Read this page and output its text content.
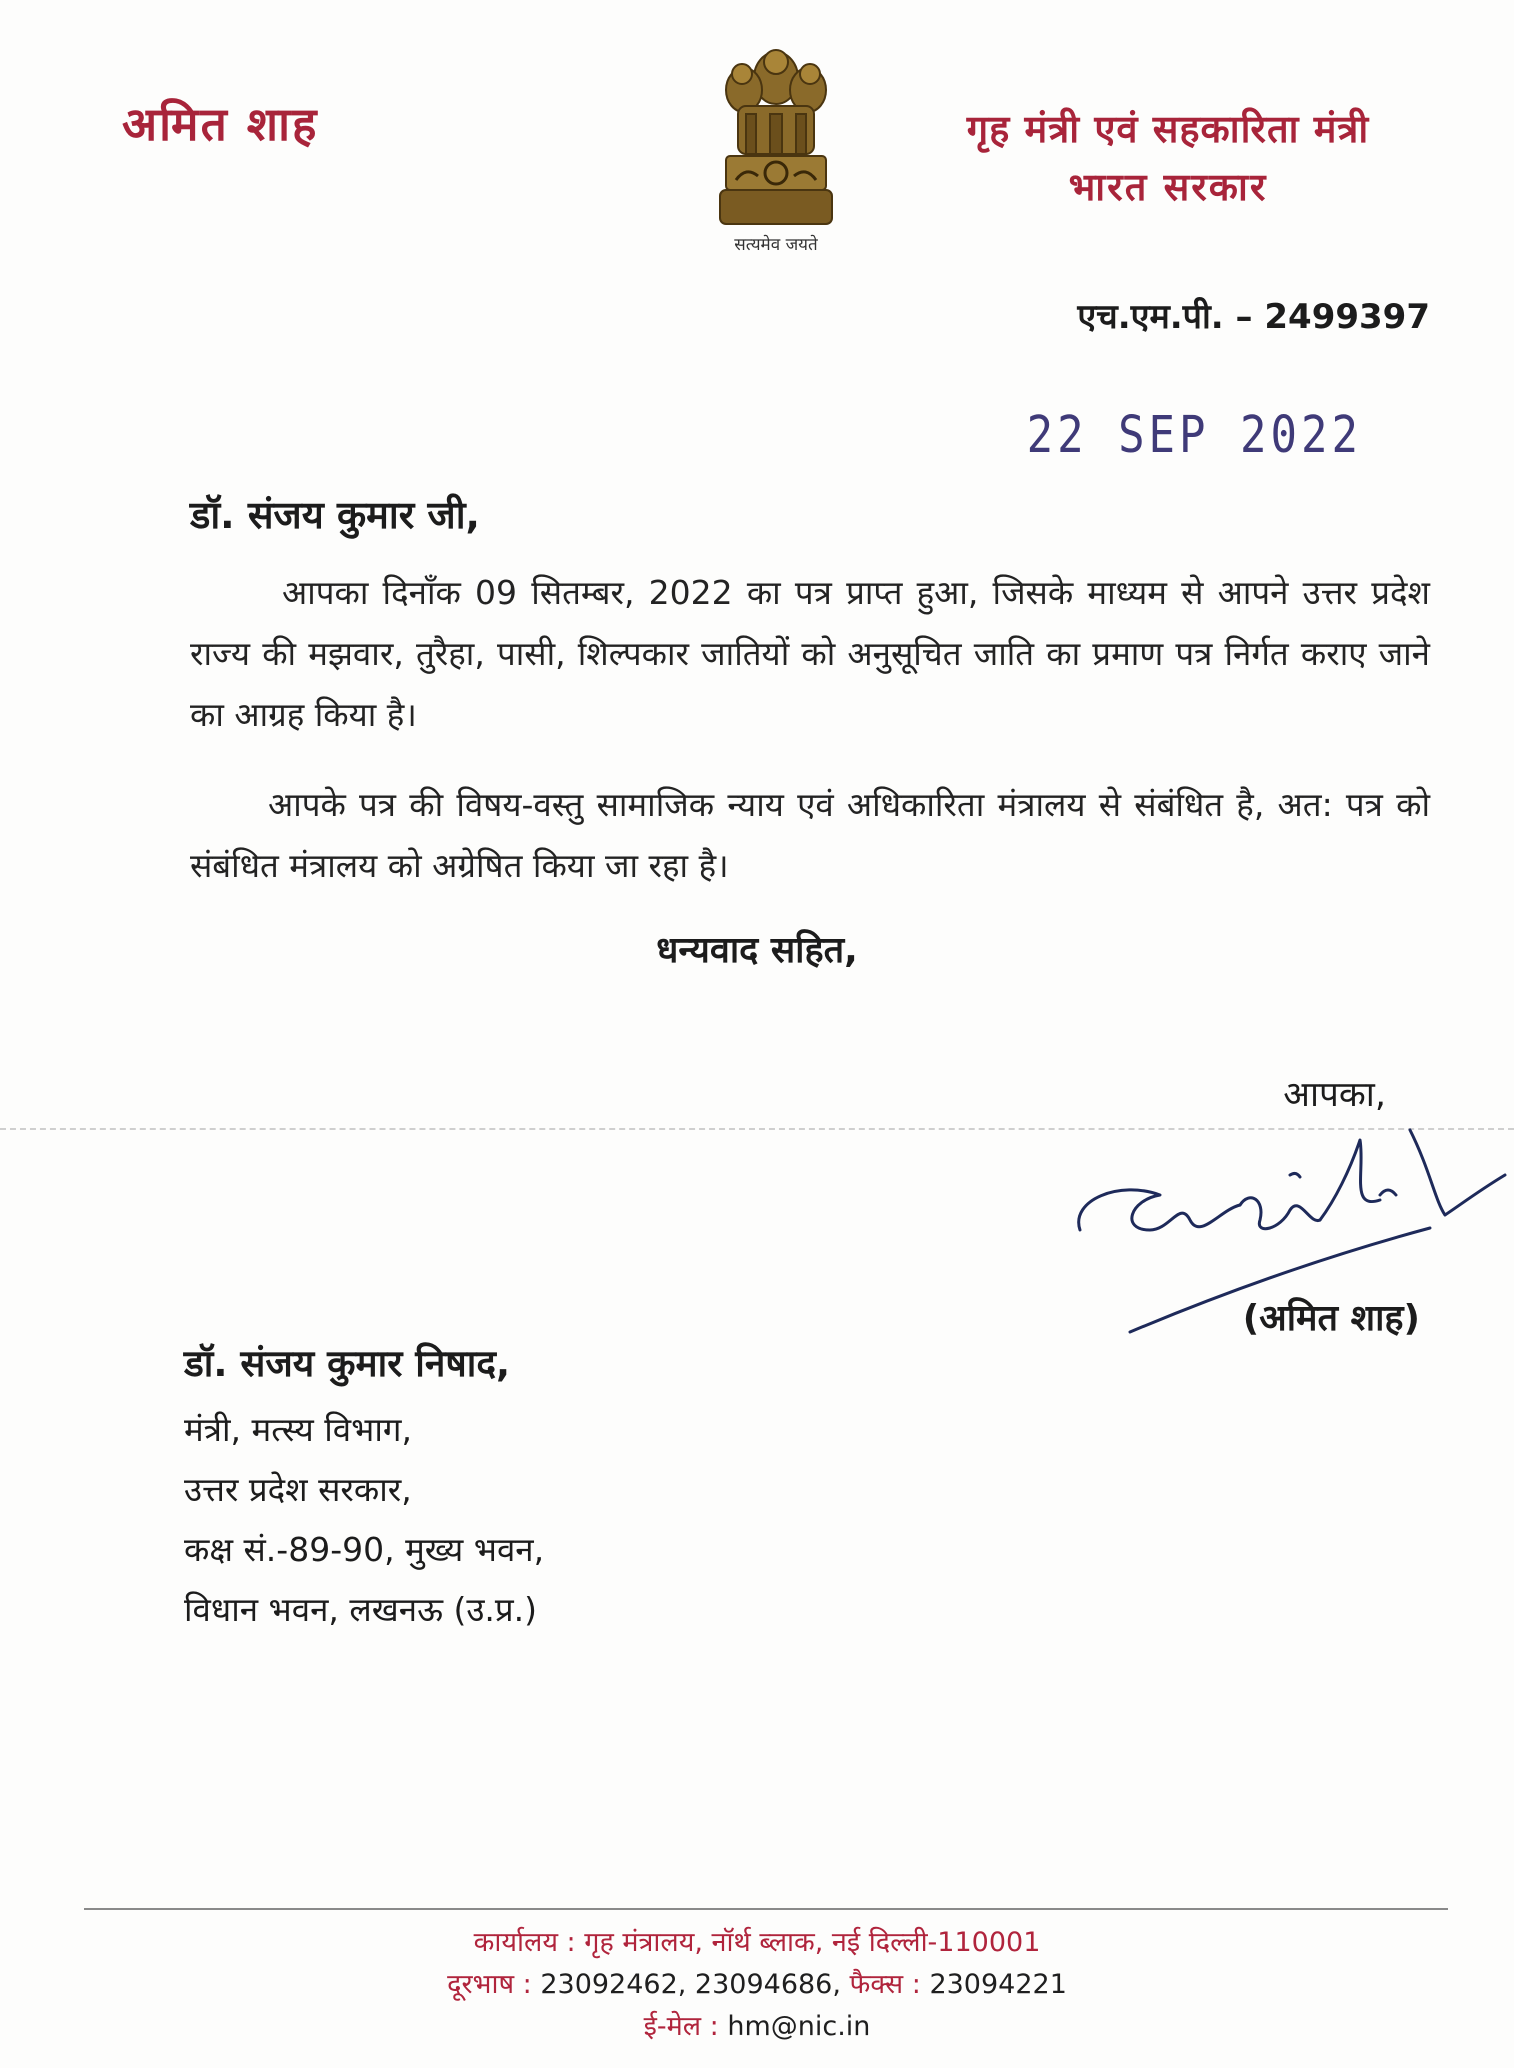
अमित शाह
सत्यमेव जयते
गृह मंत्री एवं सहकारिता मंत्री
भारत सरकार
एच.एम.पी. – 2499397
22 SEP 2022
डॉ. संजय कुमार जी,
आपका दिनाँक 09 सितम्बर, 2022 का पत्र प्राप्त हुआ, जिसके माध्यम से आपने उत्तर प्रदेश राज्य की मझवार, तुरैहा, पासी, शिल्पकार जातियों को अनुसूचित जाति का प्रमाण पत्र निर्गत कराए जाने का आग्रह किया है।
आपके पत्र की विषय-वस्तु सामाजिक न्याय एवं अधिकारिता मंत्रालय से संबंधित है, अत: पत्र को संबंधित मंत्रालय को अग्रेषित किया जा रहा है।
धन्यवाद सहित,
आपका,
(अमित शाह)
डॉ. संजय कुमार निषाद,
मंत्री, मत्स्य विभाग,
उत्तर प्रदेश सरकार,
कक्ष सं.-89-90, मुख्य भवन,
विधान भवन, लखनऊ (उ.प्र.)
कार्यालय : गृह मंत्रालय, नॉर्थ ब्लाक, नई दिल्ली-110001
दूरभाष : 23092462, 23094686, फैक्स : 23094221
ई-मेल : hm@nic.in
